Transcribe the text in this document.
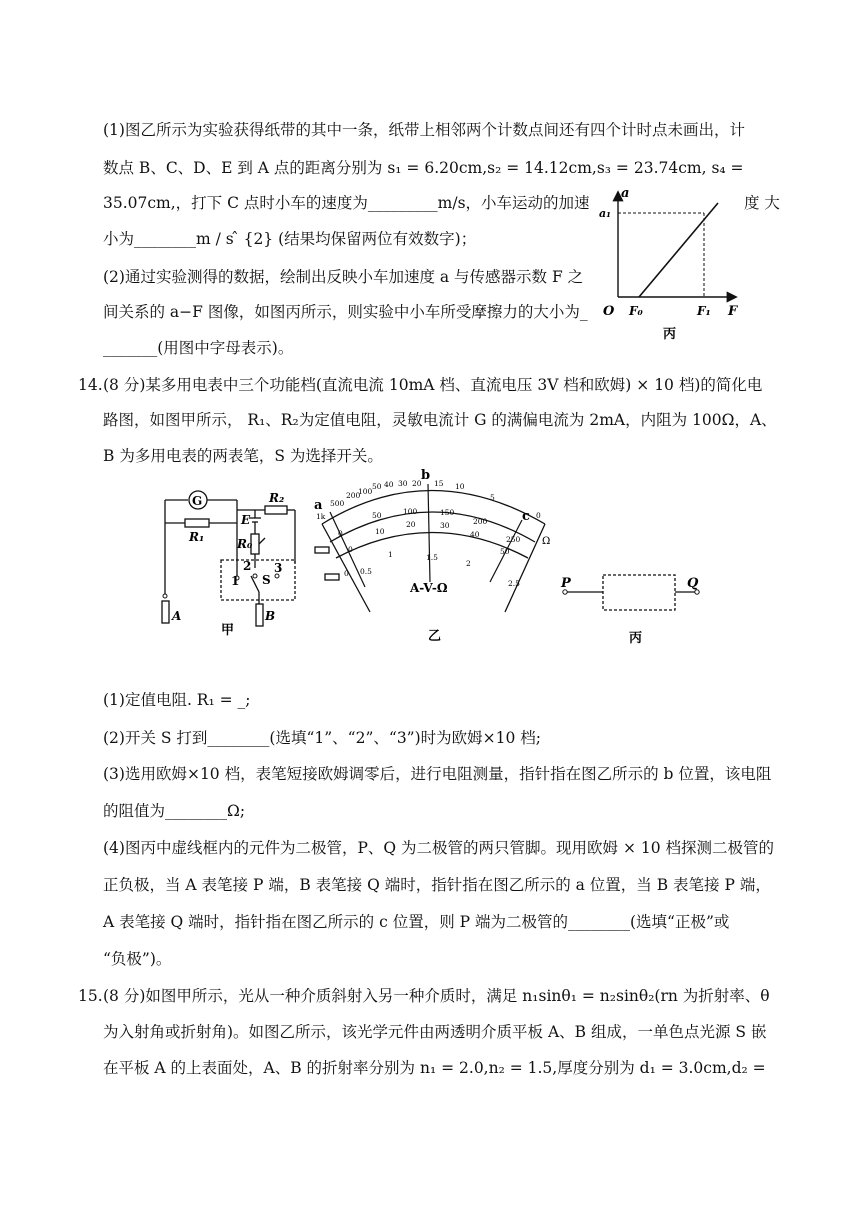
(1)图乙所示为实验获得纸带的其中一条，纸带上相邻两个计数点间还有四个计时点未画出，计
数点 B、C、D、E 到 A 点的距离分别为 s₁ = 6.20cm,s₂ = 14.12cm,s₃ = 23.74cm, s₄ =
35.07cm,，打下 C 点时小车的速度为_________m/s，小车运动的加速	度 大
小为________m / s ̂ {2} (结果均保留两位有效数字)；
(2)通过实验测得的数据，绘制出反映小车加速度 a 与传感器示数 F 之
间关系的 a−F 图像，如图丙所示，则实验中小车所受摩擦力的大小为_
_______(用图中字母表示)。
a
a₁
O F₀	F₁ F
丙
14. (8 分)某多用电表中三个功能档(直流电流 10mA 档、直流电压 3V 档和欧姆) × 10 档)的简化电
路图，如图甲所示， R₁、R₂为定值电阻，灵敏电流计 G 的满偏电流为 2mA，内阻为 100Ω，A、
B 为多用电表的两表笔，S 为选择开关。
G
R₁
R₂
E
R₀
1
2
S
3
A	B
甲
a
b
c
Ω
1k
500
200
100
50 40 30 20 15 10
5
0
0
50	100	150
200
250
0
10
20	30
40
50
0 0.5
1	1.5
2
2.5
A-V-Ω
乙
P	Q
丙
(1)定值电阻. R₁ = _;
(2)开关 S 打到________(选填“1”、“2”、“3”)时为欧姆×10 档;
(3)选用欧姆×10 档，表笔短接欧姆调零后，进行电阻测量，指针指在图乙所示的 b 位置，该电阻
的阻值为________Ω;
(4)图丙中虚线框内的元件为二极管，P、Q 为二极管的两只管脚。现用欧姆 × 10 档探测二极管的
正负极，当 A 表笔接 P 端，B 表笔接 Q 端时，指针指在图乙所示的 a 位置，当 B 表笔接 P 端，
A 表笔接 Q 端时，指针指在图乙所示的 c 位置，则 P 端为二极管的________(选填“正极”或
“负极”)。
15. (8 分)如图甲所示，光从一种介质斜射入另一种介质时，满足 n₁sinθ₁ = n₂sinθ₂(rn 为折射率、θ
为入射角或折射角)。如图乙所示，该光学元件由两透明介质平板 A、B 组成，一单色点光源 S 嵌
在平板 A 的上表面处，A、B 的折射率分别为 n₁ = 2.0,n₂ = 1.5,厚度分别为 d₁ = 3.0cm,d₂ =
